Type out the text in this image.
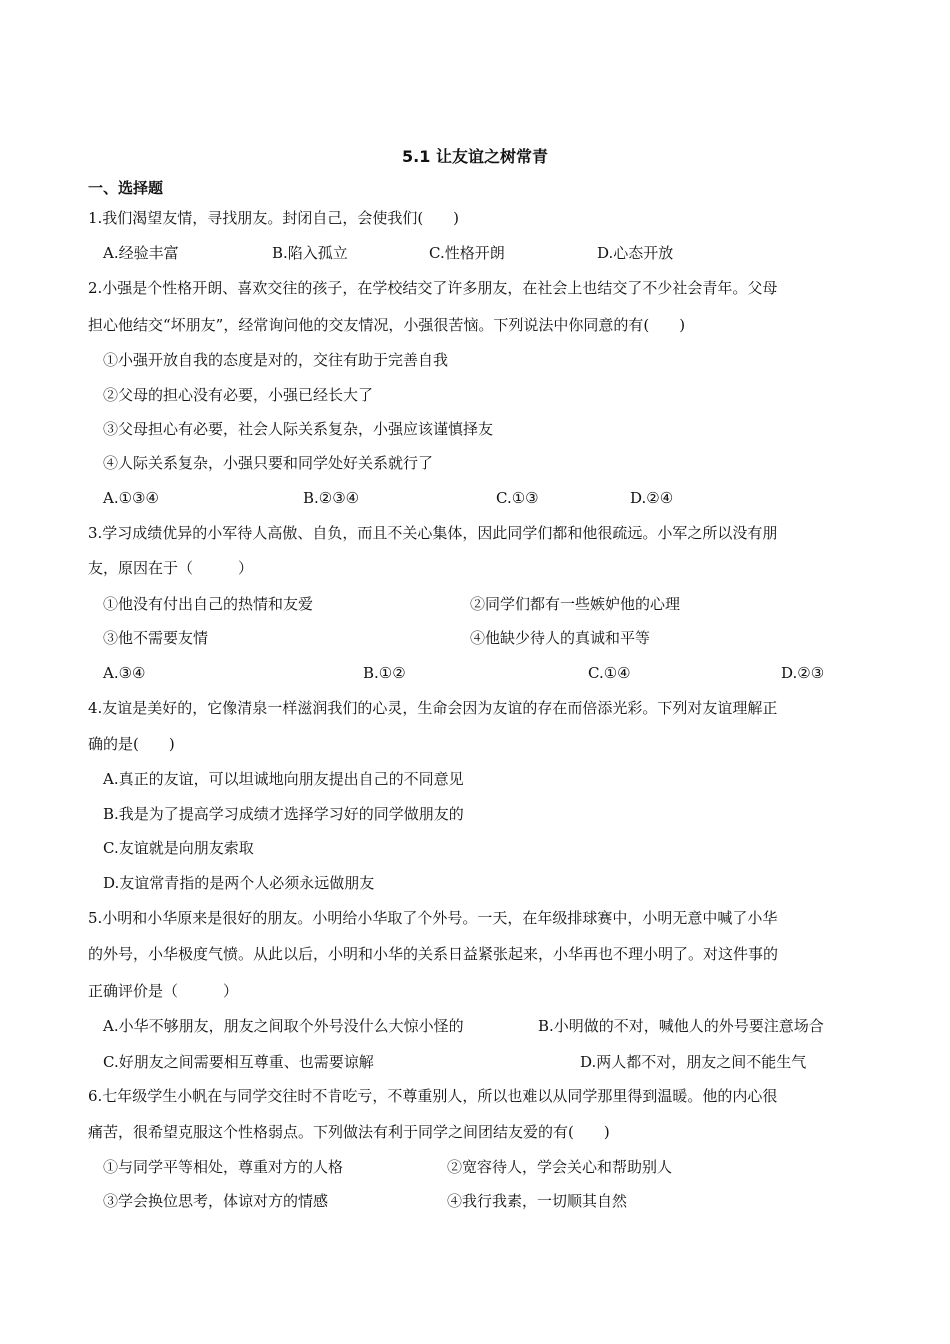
5.1 让友谊之树常青
一、选择题
1.我们渴望友情，寻找朋友。封闭自己，会使我们(　　)
A.经验丰富	B.陷入孤立	C.性格开朗	D.心态开放
2.小强是个性格开朗、喜欢交往的孩子，在学校结交了许多朋友，在社会上也结交了不少社会青年。父母
担心他结交“坏朋友”，经常询问他的交友情况，小强很苦恼。下列说法中你同意的有(　　)
①小强开放自我的态度是对的，交往有助于完善自我
②父母的担心没有必要，小强已经长大了
③父母担心有必要，社会人际关系复杂，小强应该谨慎择友
④人际关系复杂，小强只要和同学处好关系就行了
A.①③④	B.②③④	C.①③	D.②④
3.学习成绩优异的小军待人高傲、自负，而且不关心集体，因此同学们都和他很疏远。小军之所以没有朋
友，原因在于（　　　）
①他没有付出自己的热情和友爱	②同学们都有一些嫉妒他的心理
③他不需要友情	④他缺少待人的真诚和平等
A.③④	B.①②	C.①④	D.②③
4.友谊是美好的，它像清泉一样滋润我们的心灵，生命会因为友谊的存在而倍添光彩。下列对友谊理解正
确的是(　　)
A.真正的友谊，可以坦诚地向朋友提出自己的不同意见
B.我是为了提高学习成绩才选择学习好的同学做朋友的
C.友谊就是向朋友索取
D.友谊常青指的是两个人必须永远做朋友
5.小明和小华原来是很好的朋友。小明给小华取了个外号。一天，在年级排球赛中，小明无意中喊了小华
的外号，小华极度气愤。从此以后，小明和小华的关系日益紧张起来，小华再也不理小明了。对这件事的
正确评价是（　　　）
A.小华不够朋友，朋友之间取个外号没什么大惊小怪的	B.小明做的不对，喊他人的外号要注意场合
C.好朋友之间需要相互尊重、也需要谅解	D.两人都不对，朋友之间不能生气
6.七年级学生小帆在与同学交往时不肯吃亏，不尊重别人，所以也难以从同学那里得到温暖。他的内心很
痛苦，很希望克服这个性格弱点。下列做法有利于同学之间团结友爱的有(　　)
①与同学平等相处，尊重对方的人格	②宽容待人，学会关心和帮助别人
③学会换位思考，体谅对方的情感	④我行我素，一切顺其自然
